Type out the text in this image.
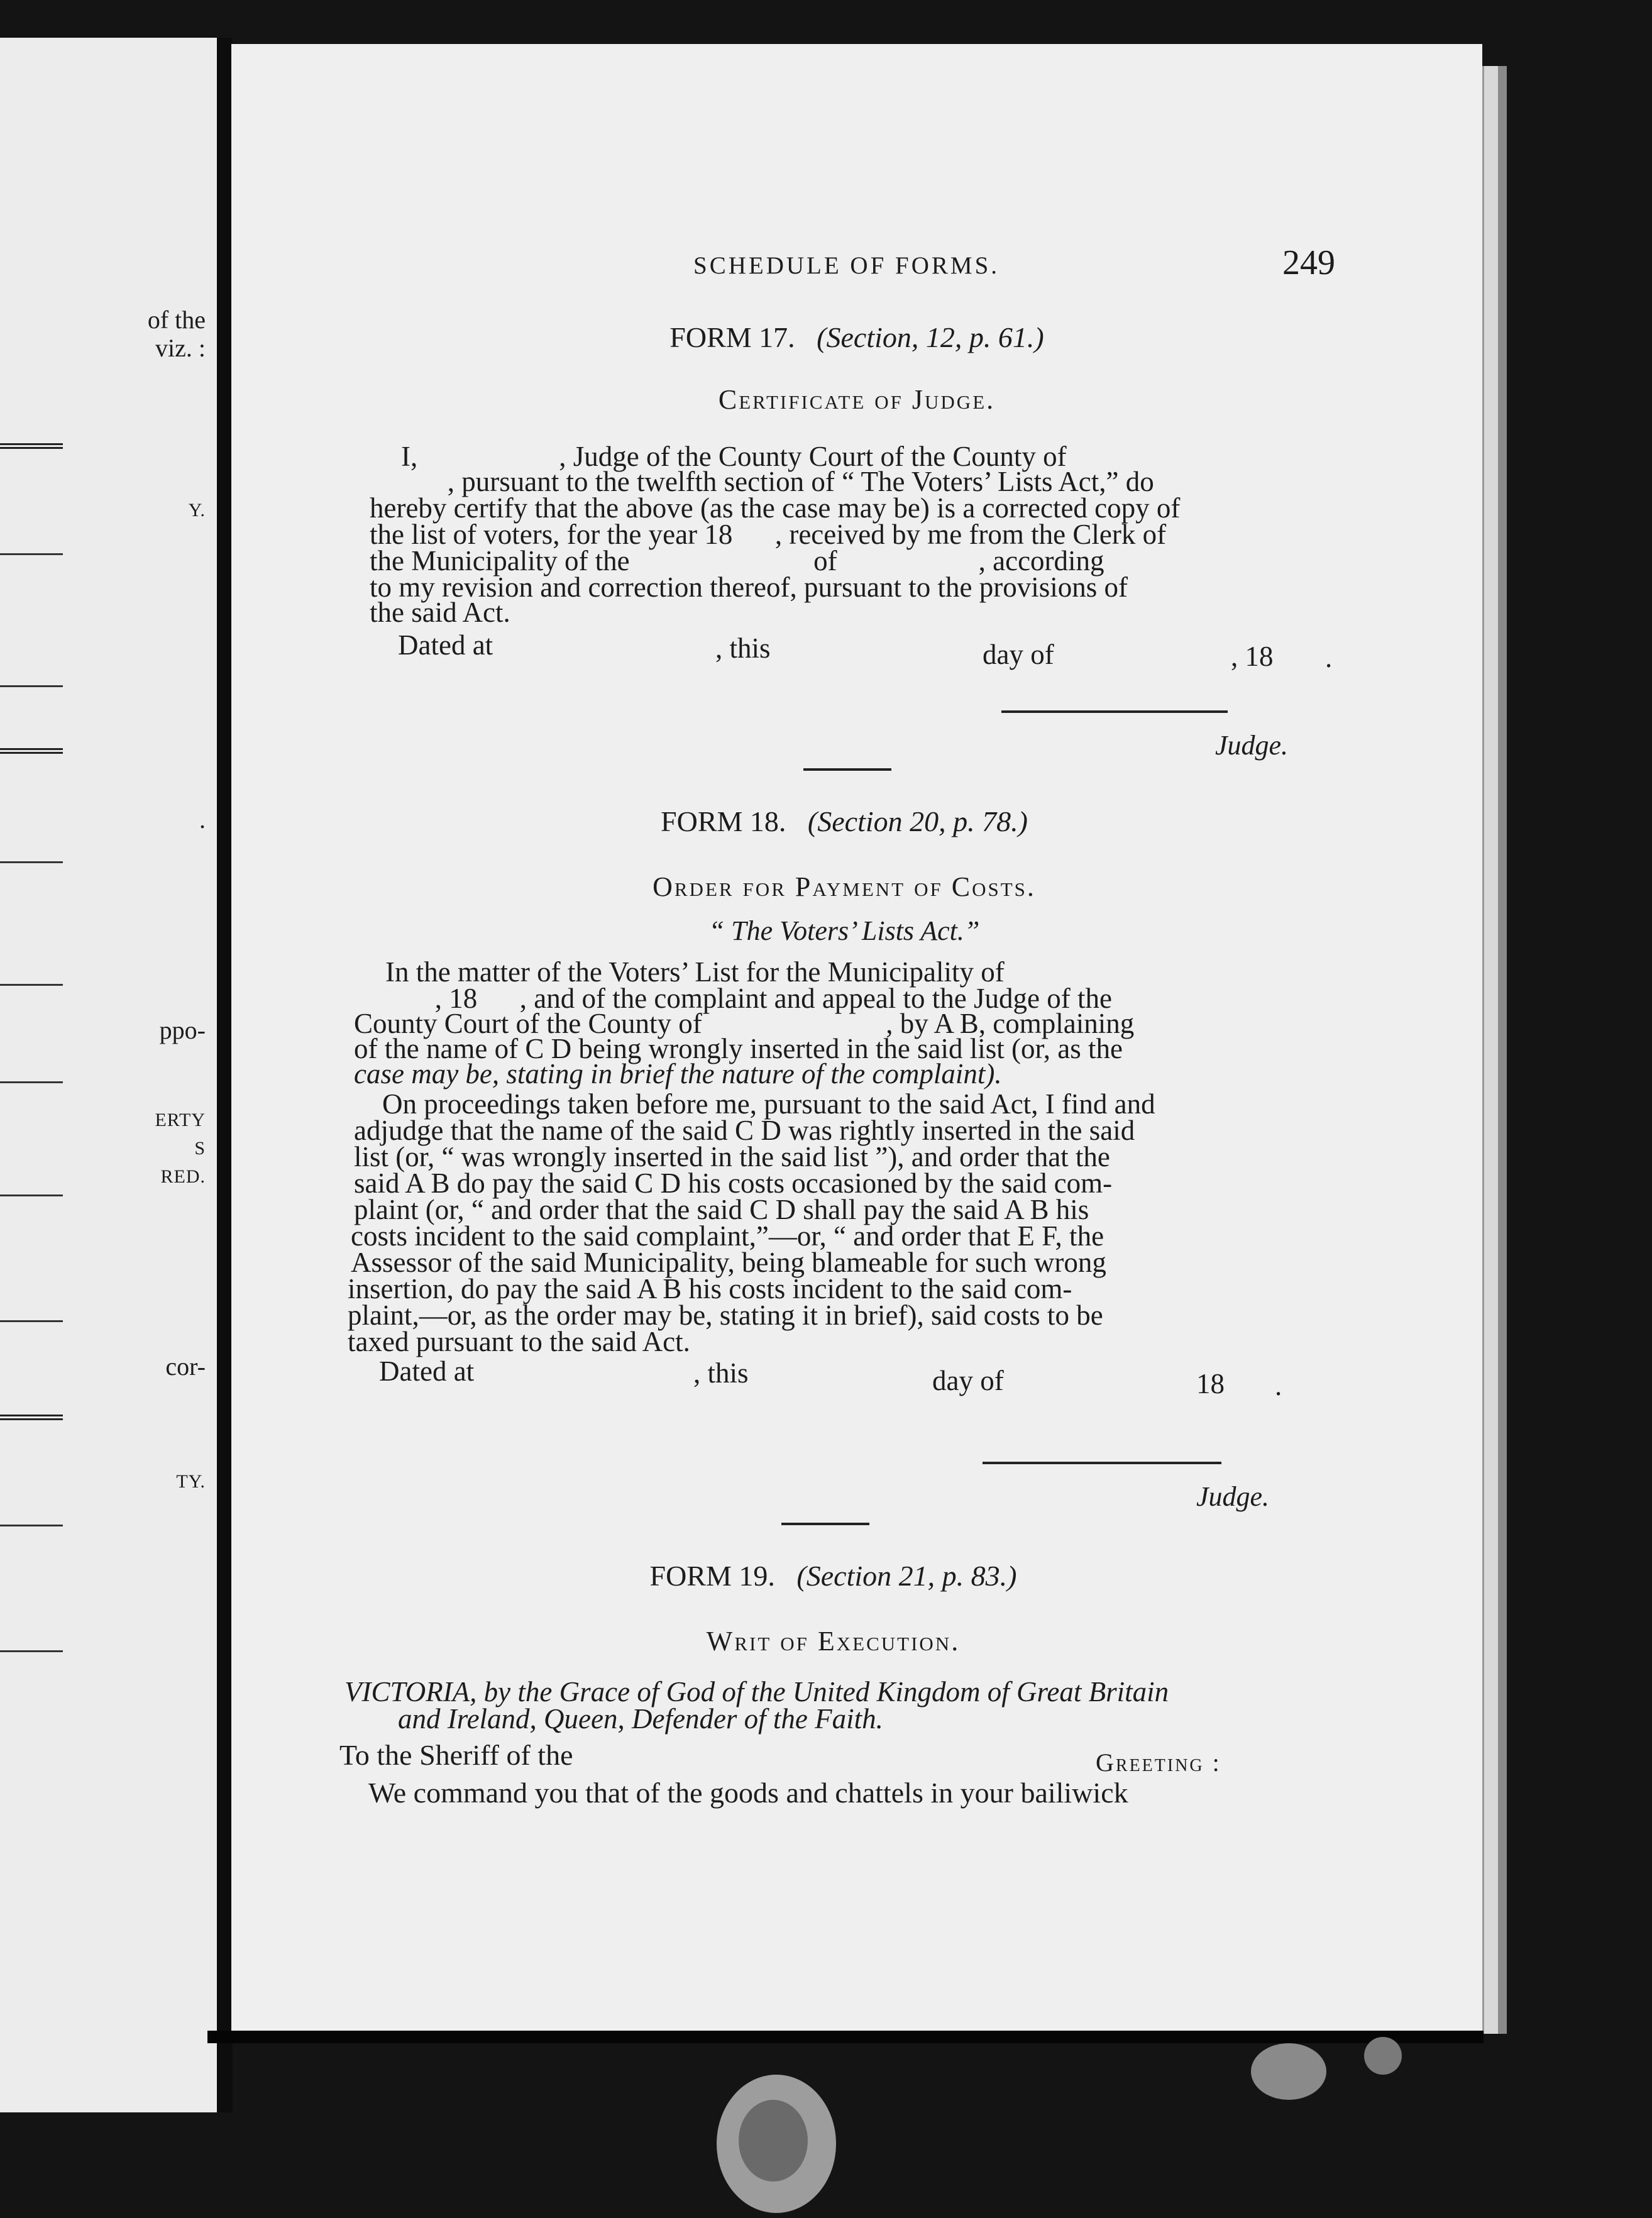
of the
viz. :
Y.
.
ppo-
ERTY
S
RED.
cor-
TY.
SCHEDULE OF FORMS.	249
FORM 17. (Section, 12, p. 61.)
Certificate of Judge.
I,                    , Judge of the County Court of the County of
, pursuant to the twelfth section of “ The Voters’ Lists Act,” do
hereby certify that the above (as the case may be) is a corrected copy of
the list of voters, for the year 18      , received by me from the Clerk of
the Municipality of the                          of                    , according
to my revision and correction thereof, pursuant to the provisions of
the said Act.
Dated at	, this	day of	, 18 .
Judge.
FORM 18. (Section 20, p. 78.)
Order for Payment of Costs.
“ The Voters’ Lists Act.”
In the matter of the Voters’ List for the Municipality of
, 18      , and of the complaint and appeal to the Judge of the
County Court of the County of                          , by A B, complaining
of the name of C D being wrongly inserted in the said list (or, as the
case may be, stating in brief the nature of the complaint).
On proceedings taken before me, pursuant to the said Act, I find and
adjudge that the name of the said C D was rightly inserted in the said
list (or, “ was wrongly inserted in the said list ”), and order that the
said A B do pay the said C D his costs occasioned by the said com-
plaint (or, “ and order that the said C D shall pay the said A B his
costs incident to the said complaint,”—or, “ and order that E F, the
Assessor of the said Municipality, being blameable for such wrong
insertion, do pay the said A B his costs incident to the said com-
plaint,—or, as the order may be, stating it in brief), said costs to be
taxed pursuant to the said Act.
Dated at	, this	day of	18 .
Judge.
FORM 19. (Section 21, p. 83.)
Writ of Execution.
VICTORIA, by the Grace of God of the United Kingdom of Great Britain
and Ireland, Queen, Defender of the Faith.
To the Sheriff of the	Greeting :
We command you that of the goods and chattels in your bailiwick
